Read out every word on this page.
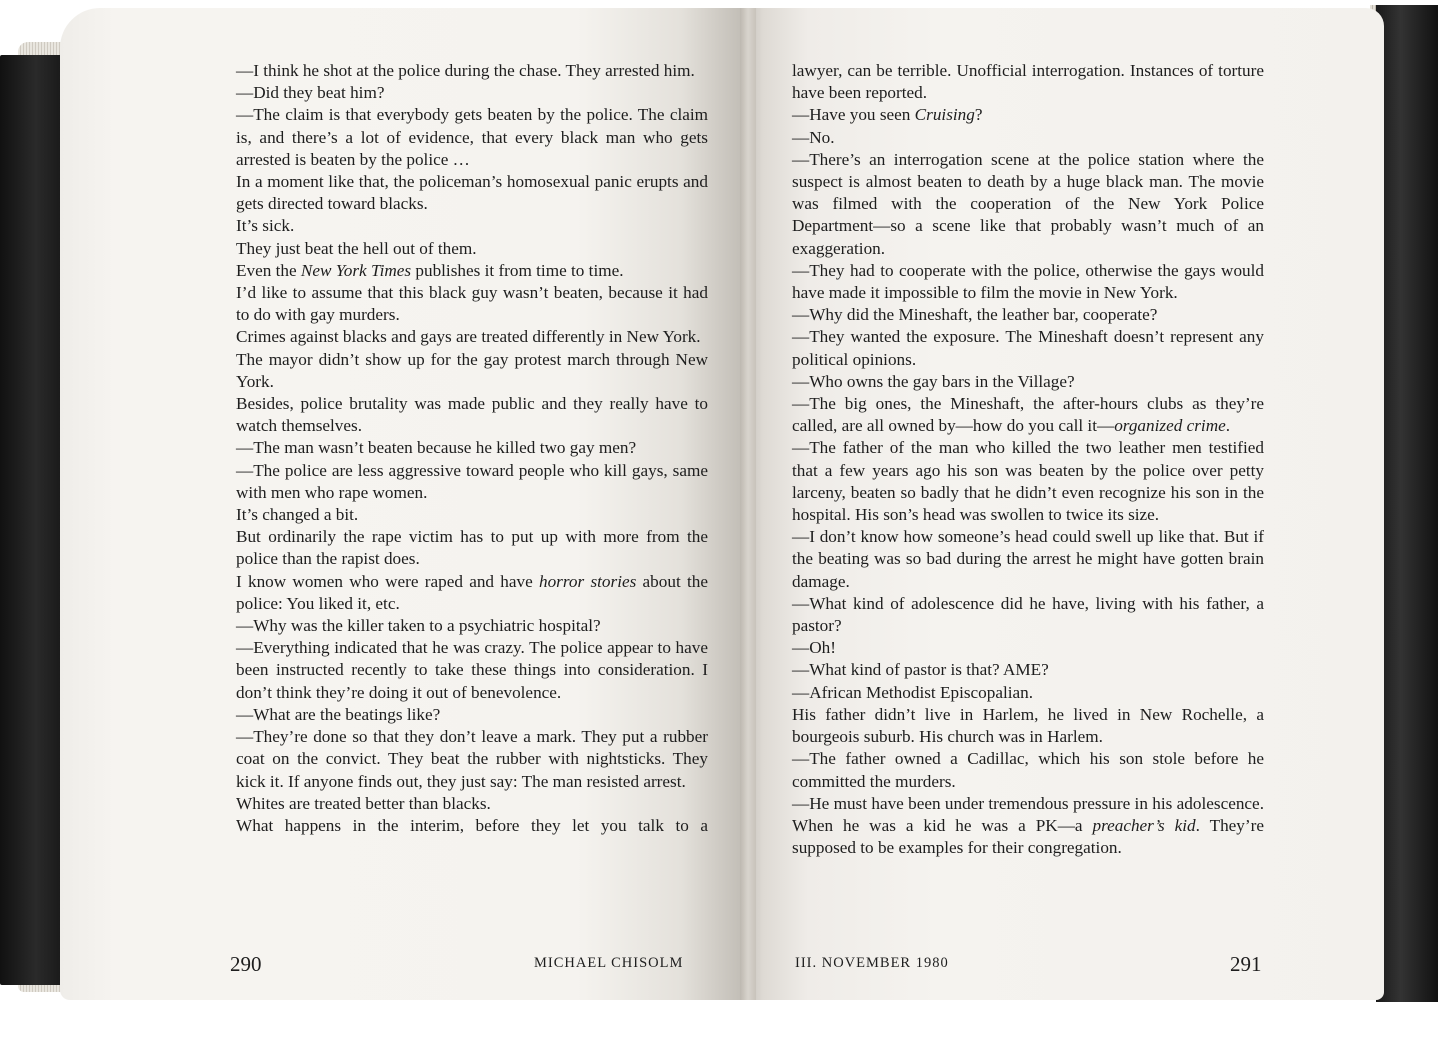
—I think he shot at the police during the chase. They arrested him.

—Did they beat him?

—The claim is that everybody gets beaten by the police. The claim is, and there’s a lot of evidence, that every black man who gets arrested is beaten by the police …

In a moment like that, the policeman’s homosexual panic erupts and gets directed toward blacks.

It’s sick.

They just beat the hell out of them.

Even the New York Times publishes it from time to time.

I’d like to assume that this black guy wasn’t beaten, because it had to do with gay murders.

Crimes against blacks and gays are treated differently in New York.

The mayor didn’t show up for the gay protest march through New York.

Besides, police brutality was made public and they really have to watch themselves.

—The man wasn’t beaten because he killed two gay men?

—The police are less aggressive toward people who kill gays, same with men who rape women.

It’s changed a bit.

But ordinarily the rape victim has to put up with more from the police than the rapist does.

I know women who were raped and have horror stories about the police: You liked it, etc.

—Why was the killer taken to a psychiatric hospital?

—Everything indicated that he was crazy. The police appear to have been instructed recently to take these things into consideration. I don’t think they’re doing it out of benevolence.

—What are the beatings like?

—They’re done so that they don’t leave a mark. They put a rubber coat on the convict. They beat the rubber with nightsticks. They kick it. If anyone finds out, they just say: The man resisted arrest.

Whites are treated better than blacks.

What happens in the interim, before they let you talk to a

lawyer, can be terrible. Unofficial interrogation. Instances of torture have been reported.

—Have you seen Cruising?

—No.

—There’s an interrogation scene at the police station where the suspect is almost beaten to death by a huge black man. The movie was filmed with the cooperation of the New York Police Department—so a scene like that probably wasn’t much of an exaggeration.

—They had to cooperate with the police, otherwise the gays would have made it impossible to film the movie in New York.

—Why did the Mineshaft, the leather bar, cooperate?

—They wanted the exposure. The Mineshaft doesn’t represent any political opinions.

—Who owns the gay bars in the Village?

—The big ones, the Mineshaft, the after-hours clubs as they’re called, are all owned by—how do you call it—organized crime.

—The father of the man who killed the two leather men testified that a few years ago his son was beaten by the police over petty larceny, beaten so badly that he didn’t even recognize his son in the hospital. His son’s head was swollen to twice its size.

—I don’t know how someone’s head could swell up like that. But if the beating was so bad during the arrest he might have gotten brain damage.

—What kind of adolescence did he have, living with his father, a pastor?

—Oh!

—What kind of pastor is that? AME?

—African Methodist Episcopalian.

His father didn’t live in Harlem, he lived in New Rochelle, a bourgeois suburb. His church was in Harlem.

—The father owned a Cadillac, which his son stole before he committed the murders.

—He must have been under tremendous pressure in his adolescence. When he was a kid he was a PK—a preacher’s kid. They’re supposed to be examples for their congregation.

290	MICHAEL CHISOLM	III. NOVEMBER 1980	291
